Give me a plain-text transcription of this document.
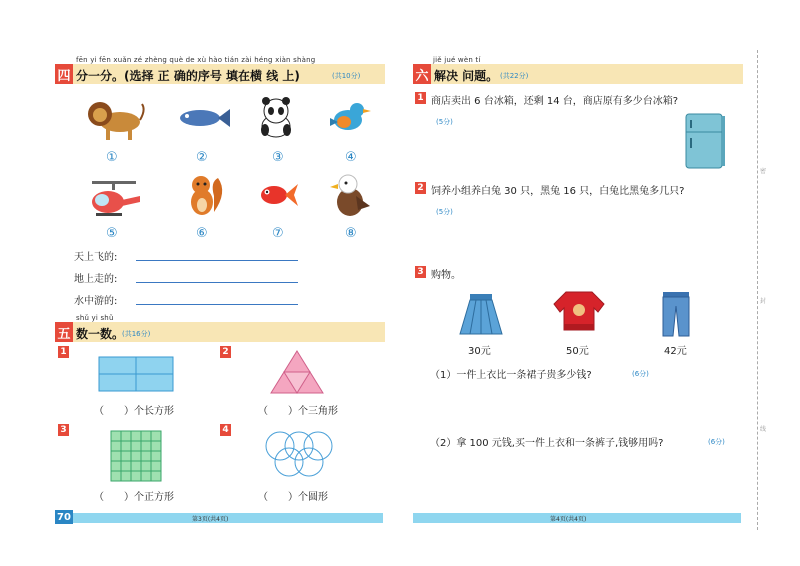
fēn yi fēn xuǎn zé zhèng què de xù hào tián zài héng xiàn shàng
四 分一分。(选择 正 确的序号 填在横 线 上)	(共10分)
①	②	③	④
⑤	⑥	⑦	⑧
天上飞的:
地上走的:
水中游的:
shǔ yi shǔ
五 数一数。
(共16分)
1
（　　）个长方形
2
（　　）个三角形
3
（　　）个正方形
4
（　　）个圆形
70	第3页(共4页)
jiě jué wèn tí
六 解决 问题。 (共22分)
1 商店卖出 6 台冰箱，还剩 14 台，商店原有多少台冰箱?
(5分)
2 饲养小组养白兔 30 只，黑兔 16 只，白兔比黑兔多几只?
(5分)
3 购物。
30元	50元	42元
（1）一件上衣比一条裙子贵多少钱?	(6分)
（2）拿 100 元钱,买一件上衣和一条裤子,钱够用吗?	(6分)
第4页(共4页)
密
封
线
